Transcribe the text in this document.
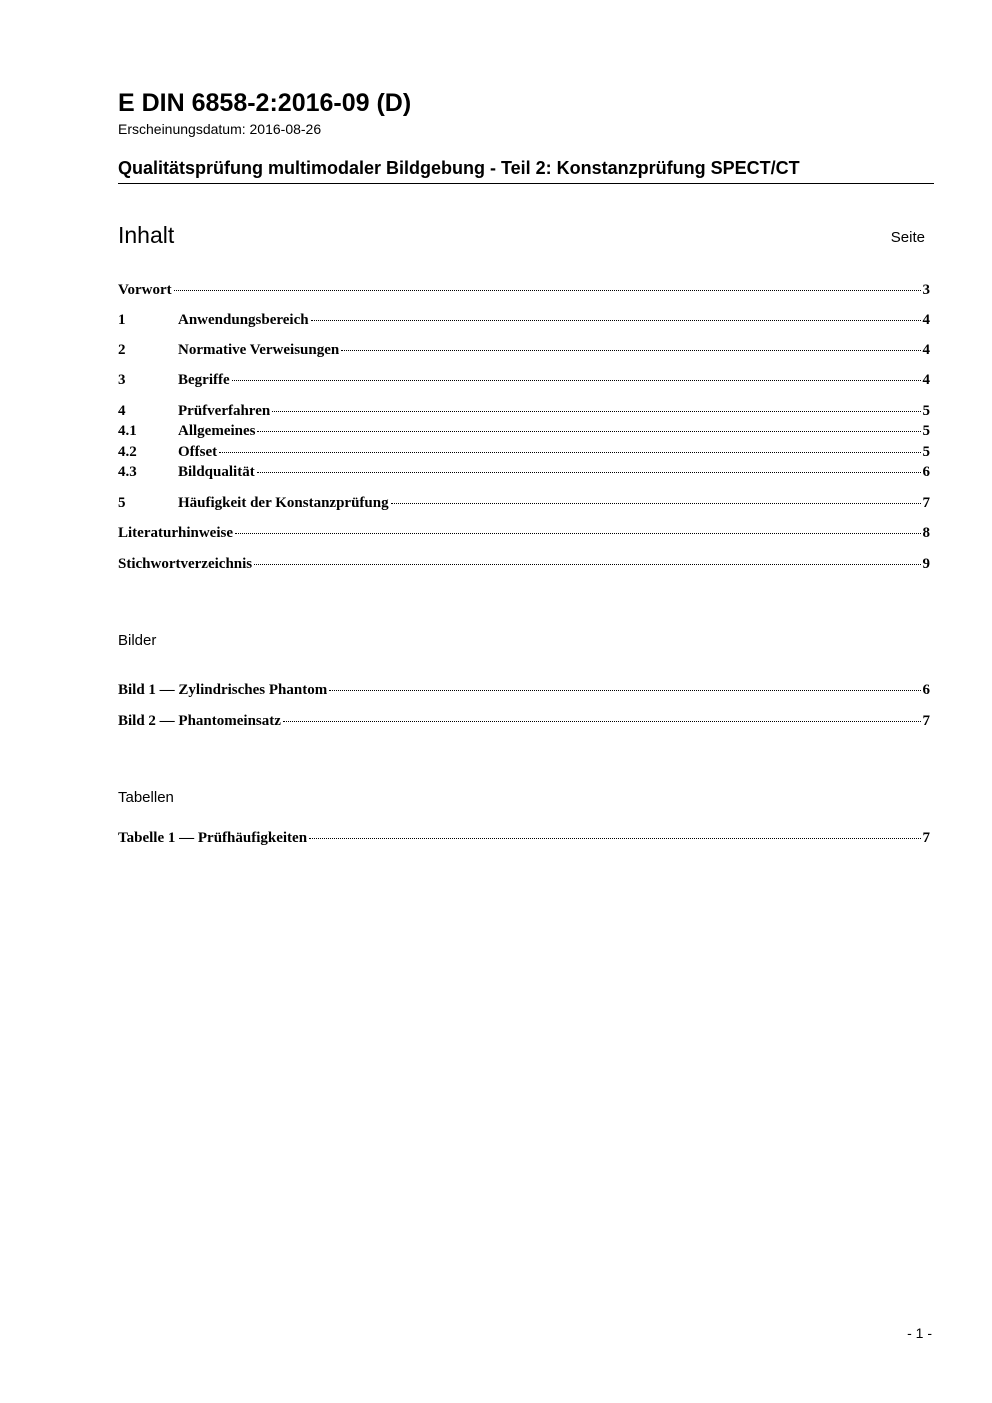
E DIN 6858-2:2016-09 (D)
Erscheinungsdatum: 2016-08-26
Qualitätsprüfung multimodaler Bildgebung - Teil 2: Konstanzprüfung SPECT/CT
Inhalt	Seite
Vorwort	3
1	Anwendungsbereich	4
2	Normative Verweisungen	4
3	Begriffe	4
4	Prüfverfahren	5
4.1	Allgemeines	5
4.2	Offset	5
4.3	Bildqualität	6
5	Häufigkeit der Konstanzprüfung	7
Literaturhinweise	8
Stichwortverzeichnis	9
Bilder
Bild 1 — Zylindrisches Phantom	6
Bild 2 — Phantomeinsatz	7
Tabellen
Tabelle 1 — Prüfhäufigkeiten	7
- 1 -
